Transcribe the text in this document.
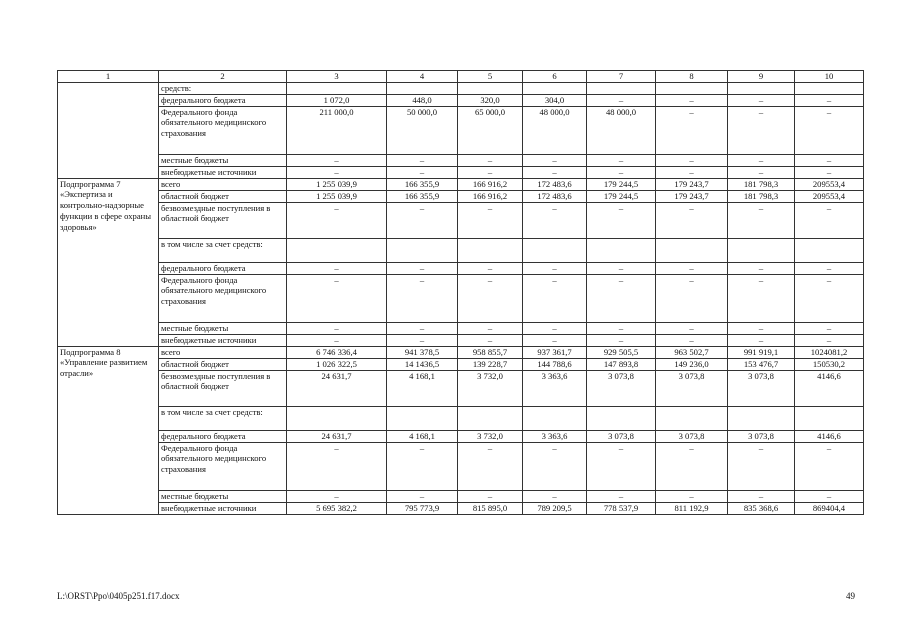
1	2	3	4	5	6	7	8	9	10
	средств:								
	федерального бюджета	1 072,0	448,0	320,0	304,0	–	–	–	–
	Федерального фонда обязательного медицинского страхования	211 000,0	50 000,0	65 000,0	48 000,0	48 000,0	–	–	–
	местные бюджеты	–	–	–	–	–	–	–	–
	внебюджетные источники	–	–	–	–	–	–	–	–
Подпрограмма 7 «Экспертиза и контрольно-надзорные функции в сфере охраны здоровья»	всего	1 255 039,9	166 355,9	166 916,2	172 483,6	179 244,5	179 243,7	181 798,3	209553,4
	областной бюджет	1 255 039,9	166 355,9	166 916,2	172 483,6	179 244,5	179 243,7	181 798,3	209553,4
	безвозмездные поступления в областной бюджет	–	–	–	–	–	–	–	–
	в том числе за счет средств:								
	федерального бюджета	–	–	–	–	–	–	–	–
	Федерального фонда обязательного медицинского страхования	–	–	–	–	–	–	–	–
	местные бюджеты	–	–	–	–	–	–	–	–
	внебюджетные источники	–	–	–	–	–	–	–	–
Подпрограмма 8 «Управление развитием отрасли»	всего	6 746 336,4	941 378,5	958 855,7	937 361,7	929 505,5	963 502,7	991 919,1	1024081,2
	областной бюджет	1 026 322,5	14 1436,5	139 228,7	144 788,6	147 893,8	149 236,0	153 476,7	150530,2
	безвозмездные поступления в областной бюджет	24 631,7	4 168,1	3 732,0	3 363,6	3 073,8	3 073,8	3 073,8	4146,6
	в том числе за счет средств:								
	федерального бюджета	24 631,7	4 168,1	3 732,0	3 363,6	3 073,8	3 073,8	3 073,8	4146,6
	Федерального фонда обязательного медицинского страхования	–	–	–	–	–	–	–	–
	местные бюджеты	–	–	–	–	–	–	–	–
	внебюджетные источники	5 695 382,2	795 773,9	815 895,0	789 209,5	778 537,9	811 192,9	835 368,6	869404,4
L:\ORST\Ppo\0405p251.f17.docx	49
